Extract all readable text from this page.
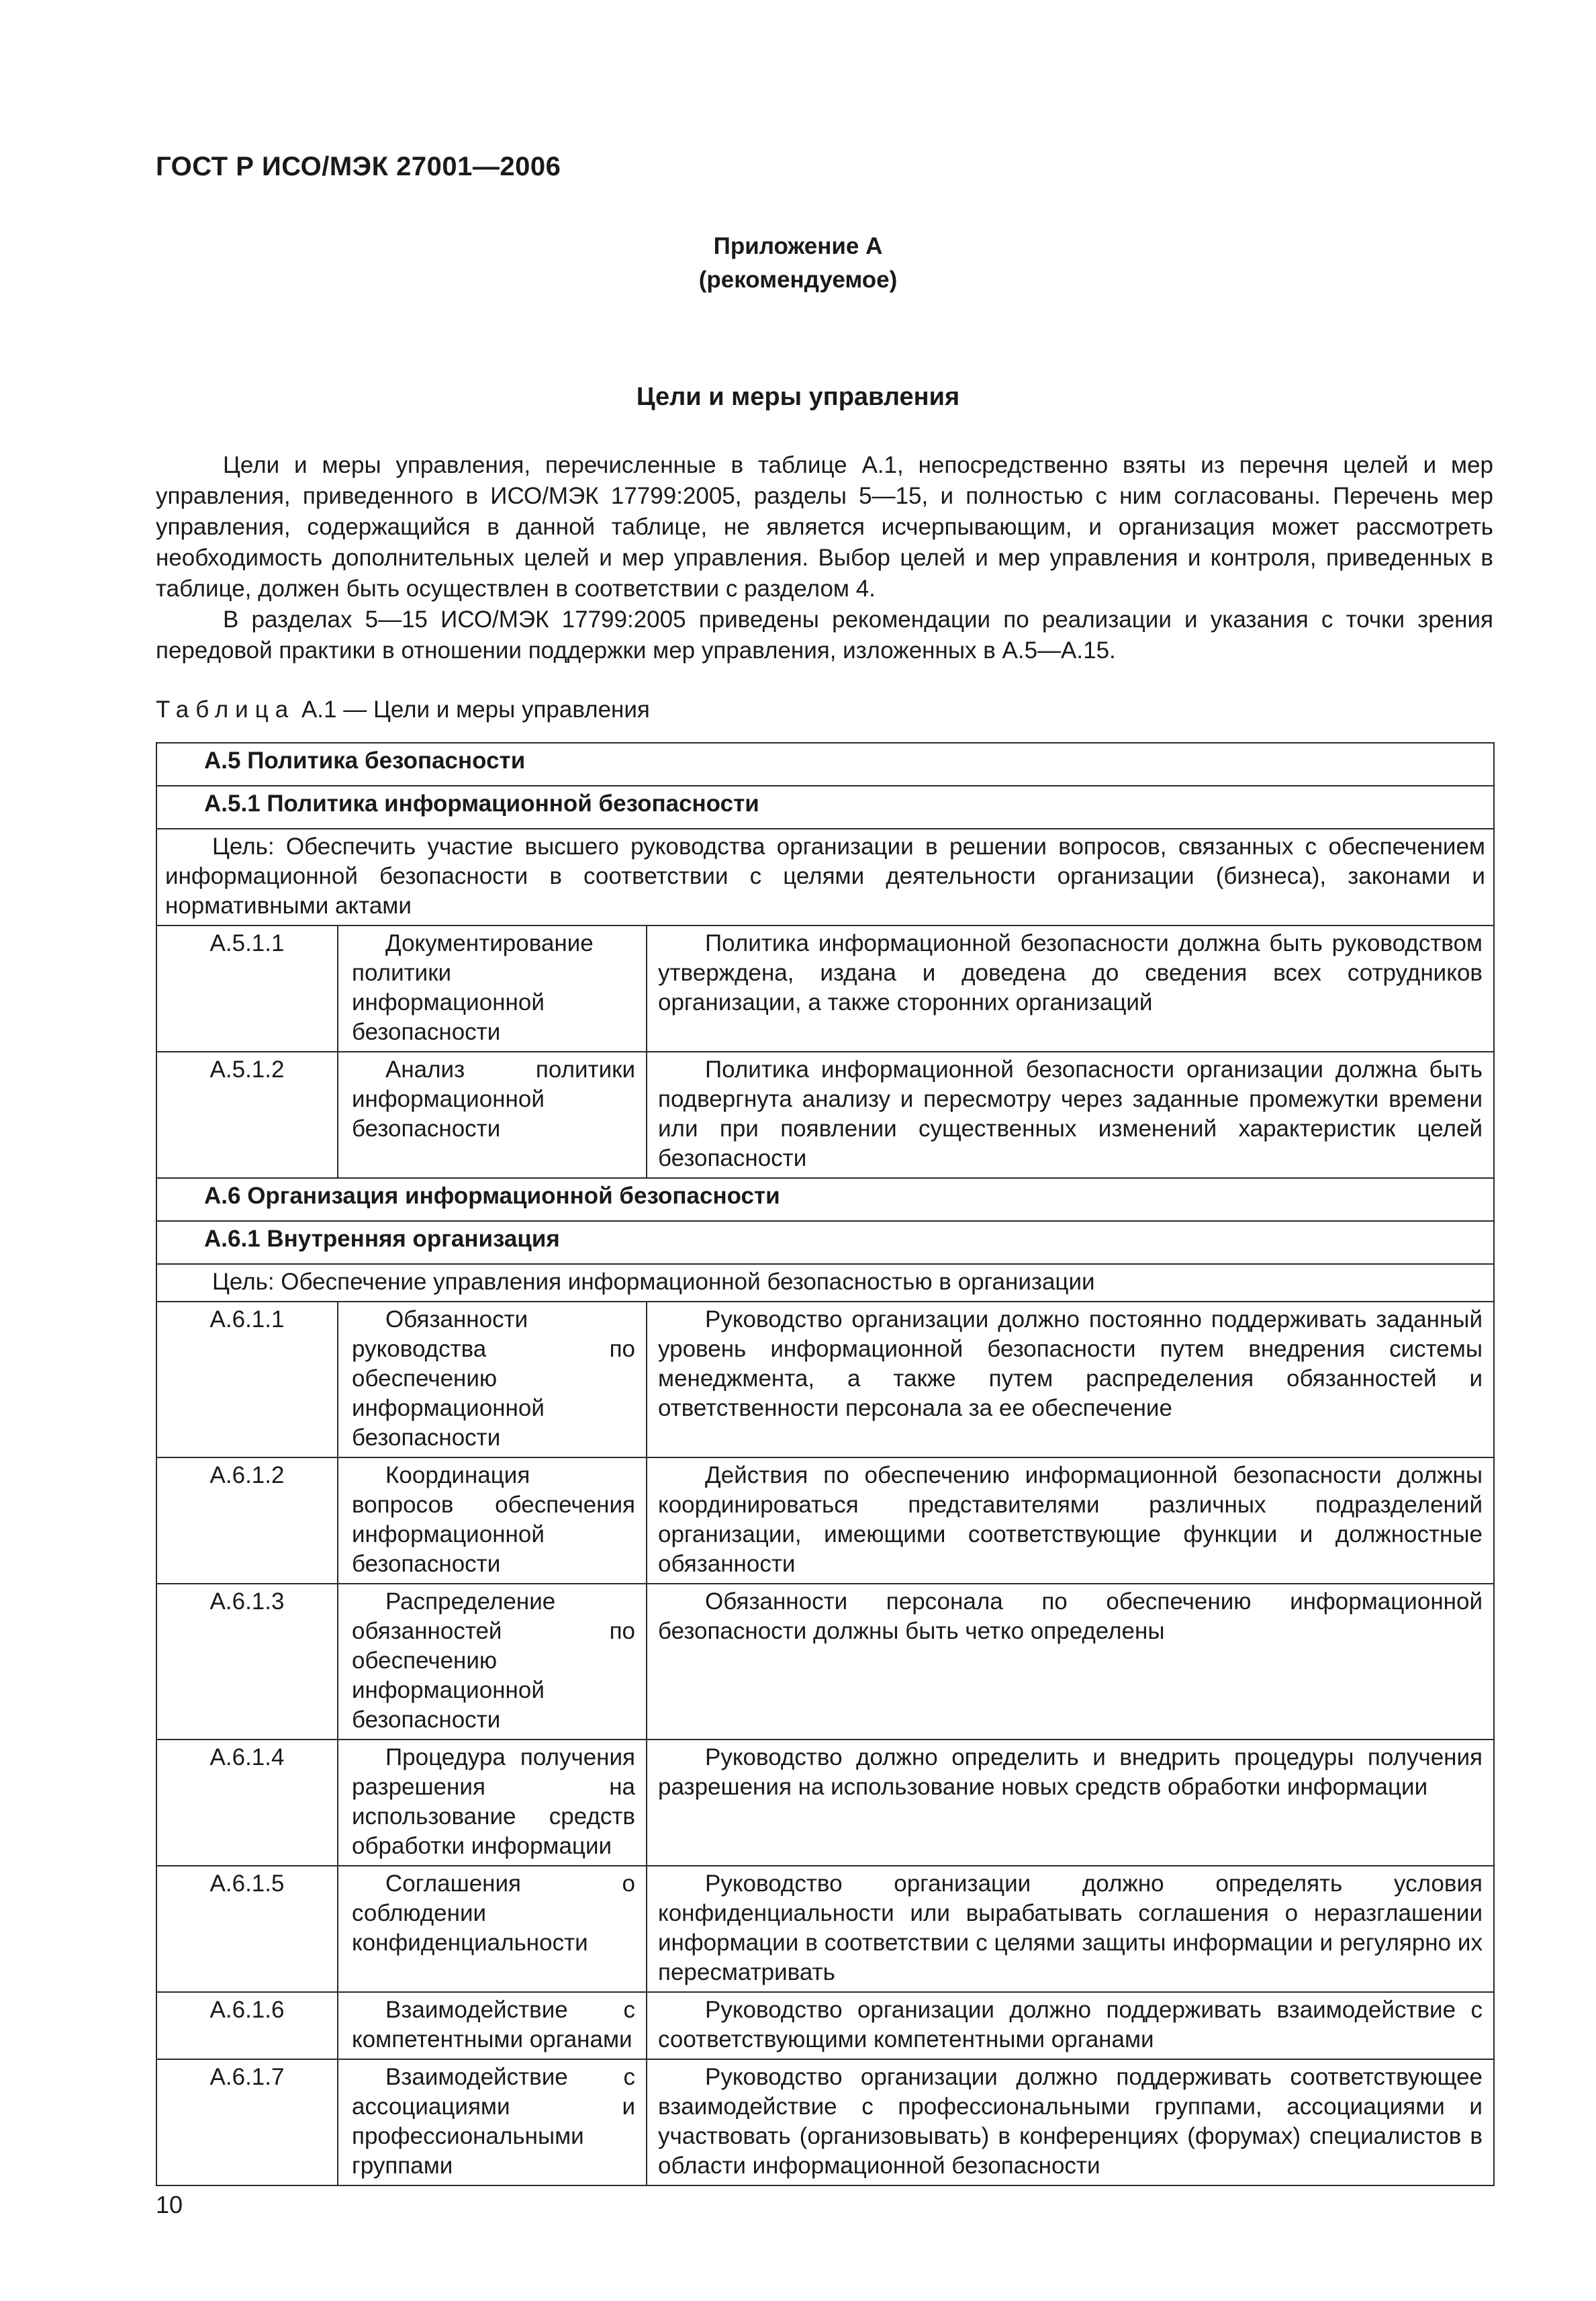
ГОСТ Р ИСО/МЭК 27001—2006
Приложение А
(рекомендуемое)
Цели и меры управления

Цели и меры управления, перечисленные в таблице А.1, непосредственно взяты из перечня целей и мер управления, приведенного в ИСО/МЭК 17799:2005, разделы 5—15, и полностью с ним согласованы. Перечень мер управления, содержащийся в данной таблице, не является исчерпывающим, и организация может рассмотреть необходимость дополнительных целей и мер управления. Выбор целей и мер управления и контроля, приведенных в таблице, должен быть осуществлен в соответствии с разделом 4.

В разделах 5—15 ИСО/МЭК 17799:2005 приведены рекомендации по реализации и указания с точки зрения передовой практики в отношении поддержки мер управления, изложенных в А.5—А.15.

Таблица А.1 — Цели и меры управления
А.5 Политика безопасности		
А.5.1 Политика информационной безопасности		
Цель: Обеспечить участие высшего руководства организации в решении вопросов, связанных с обеспечением информационной безопасности в соответствии с целями деятельности организации (бизнеса), законами и нормативными актами		
А.5.1.1	Документирование политики информационной безопасности	Политика информационной безопасности должна быть руководством утверждена, издана и доведена до сведения всех сотрудников организации, а также сторонних организаций
А.5.1.2	Анализ политики информационной безопасности	Политика информационной безопасности организации должна быть подвергнута анализу и пересмотру через заданные промежутки времени или при появлении существенных изменений характеристик целей безопасности
А.6 Организация информационной безопасности		
А.6.1 Внутренняя организация		
Цель: Обеспечение управления информационной безопасностью в организации		
А.6.1.1	Обязанности руководства по обеспечению информационной безопасности	Руководство организации должно постоянно поддерживать заданный уровень информационной безопасности путем внедрения системы менеджмента, а также путем распределения обязанностей и ответственности персонала за ее обеспечение
А.6.1.2	Координация вопросов обеспечения информационной безопасности	Действия по обеспечению информационной безопасности должны координироваться представителями различных подразделений организации, имеющими соответствующие функции и должностные обязанности
А.6.1.3	Распределение обязанностей по обеспечению информационной безопасности	Обязанности персонала по обеспечению информационной безопасности должны быть четко определены
А.6.1.4	Процедура получения разрешения на использование средств обработки информации	Руководство должно определить и внедрить процедуры получения разрешения на использование новых средств обработки информации
А.6.1.5	Соглашения о соблюдении конфиденциальности	Руководство организации должно определять условия конфиденциальности или вырабатывать соглашения о неразглашении информации в соответствии с целями защиты информации и регулярно их пересматривать
А.6.1.6	Взаимодействие с компетентными органами	Руководство организации должно поддерживать взаимодействие с соответствующими компетентными органами
А.6.1.7	Взаимодействие с ассоциациями и профессиональными группами	Руководство организации должно поддерживать соответствующее взаимодействие с профессиональными группами, ассоциациями и участвовать (организовывать) в конференциях (форумах) специалистов в области информационной безопасности
10
